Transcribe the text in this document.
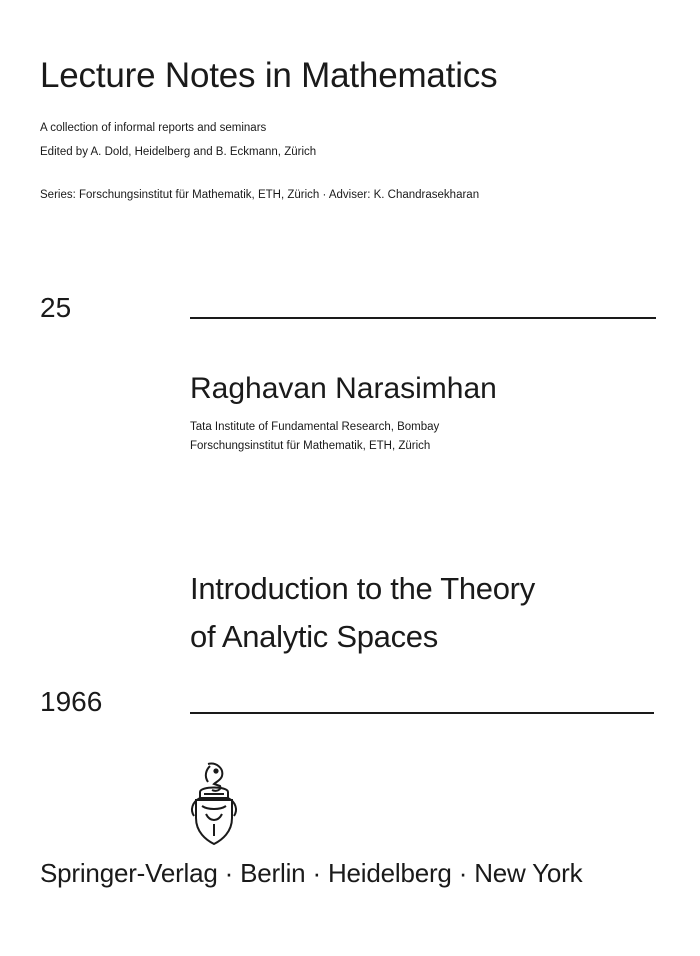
Lecture Notes in Mathematics
A collection of informal reports and seminars
Edited by A. Dold, Heidelberg and B. Eckmann, Zürich
Series: Forschungsinstitut für Mathematik, ETH, Zürich · Adviser: K. Chandrasekharan
25
Raghavan Narasimhan
Tata Institute of Fundamental Research, Bombay
Forschungsinstitut für Mathematik, ETH, Zürich
Introduction to the Theory
of Analytic Spaces
1966
Springer-Verlag · Berlin · Heidelberg · New York
